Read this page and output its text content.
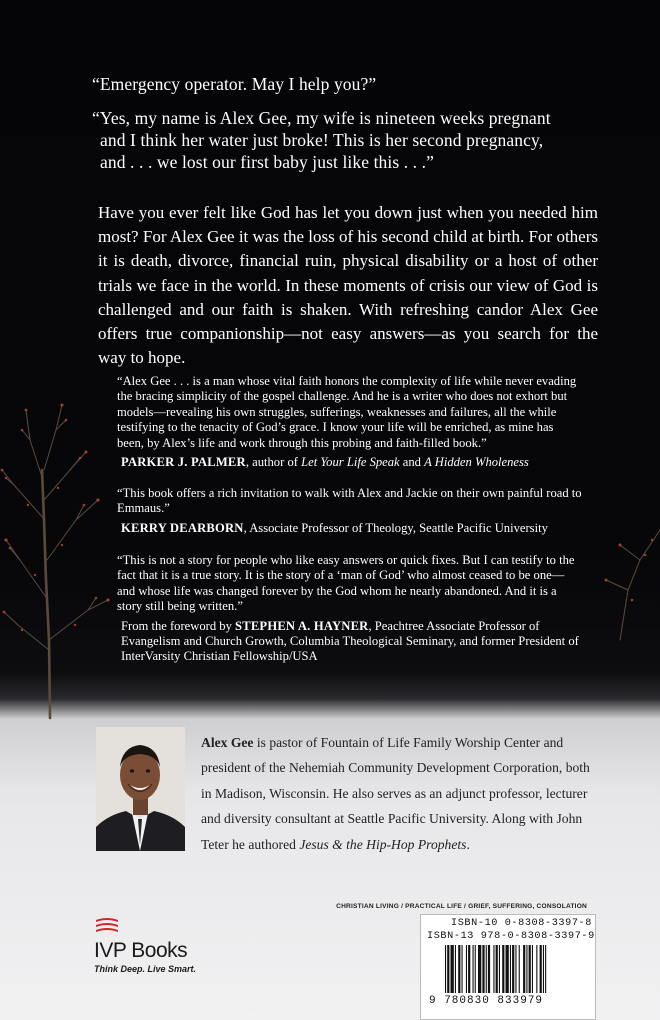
“Emergency operator. May I help you?”
“Yes, my name is Alex Gee, my wife is nineteen weeks pregnant
and I think her water just broke! This is her second pregnancy,
and . . . we lost our first baby just like this . . .”
Have you ever felt like God has let you down just when you needed him most? For Alex Gee it was the loss of his second child at birth. For others it is death, divorce, financial ruin, physical disability or a host of other trials we face in the world. In these moments of crisis our view of God is challenged and our faith is shaken. With refreshing candor Alex Gee offers true companionship—not easy answers—as you search for the way to hope.
“Alex Gee . . . is a man whose vital faith honors the complexity of life while never evading the bracing simplicity of the gospel challenge. And he is a writer who does not exhort but models—revealing his own struggles, sufferings, weaknesses and failures, all the while testifying to the tenacity of God’s grace. I know your life will be enriched, as mine has been, by Alex’s life and work through this probing and faith-filled book.”
PARKER J. PALMER, author of Let Your Life Speak and A Hidden Wholeness
“This book offers a rich invitation to walk with Alex and Jackie on their own painful road to Emmaus.”
KERRY DEARBORN, Associate Professor of Theology, Seattle Pacific University
“This is not a story for people who like easy answers or quick fixes. But I can testify to the fact that it is a true story. It is the story of a ‘man of God’ who almost ceased to be one—and whose life was changed forever by the God whom he nearly abandoned. And it is a story still being written.”
From the foreword by STEPHEN A. HAYNER, Peachtree Associate Professor of Evangelism and Church Growth, Columbia Theological Seminary, and former President of InterVarsity Christian Fellowship/USA
Alex Gee is pastor of Fountain of Life Family Worship Center and president of the Nehemiah Community Development Corporation, both in Madison, Wisconsin. He also serves as an adjunct professor, lecturer and diversity consultant at Seattle Pacific University. Along with John Teter he authored Jesus & the Hip-Hop Prophets.
CHRISTIAN LIVING / PRACTICAL LIFE / GRIEF, SUFFERING, CONSOLATION
IVP Books
Think Deep. Live Smart.
ISBN-10 0-8308-3397-8
ISBN-13 978-0-8308-3397-9
9 780830 833979
